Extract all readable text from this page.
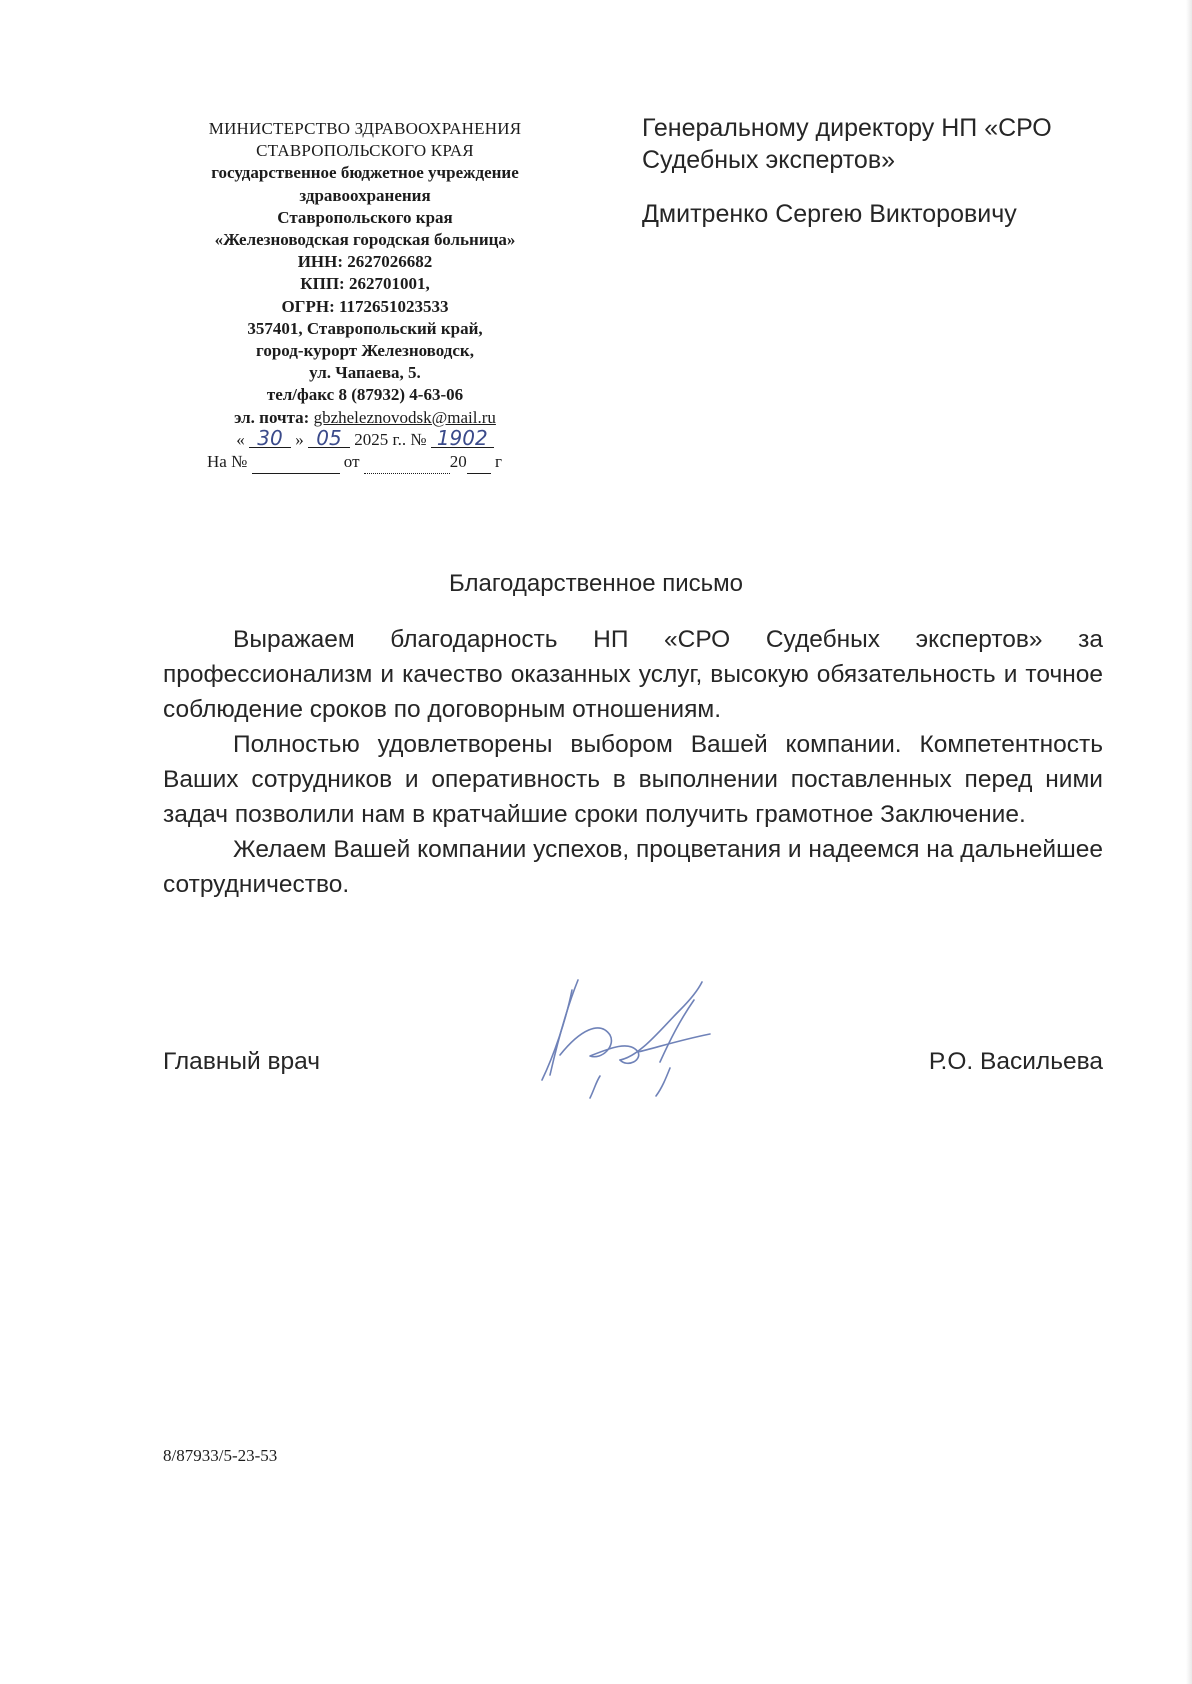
МИНИСТЕРСТВО ЗДРАВООХРАНЕНИЯ
СТАВРОПОЛЬСКОГО КРАЯ
государственное бюджетное учреждение
здравоохранения
Ставропольского края
«Железноводская городская больница»
ИНН: 2627026682
КПП: 262701001,
ОГРН: 1172651023533
357401, Ставропольский край,
город-курорт Железноводск,
ул. Чапаева, 5.
тел/факс 8 (87932) 4-63-06
эл. почта: gbzheleznovodsk@mail.ru
« 30 » 05 2025 г.. № 1902
На №	от	20 г
Генеральному директору НП «СРО
Судебных экспертов»
Дмитренко Сергею Викторовичу
Благодарственное письмо

Выражаем благодарность НП «СРО Судебных экспертов» за профессионализм и качество оказанных услуг, высокую обязательность и точное соблюдение сроков по договорным отношениям.

Полностью удовлетворены выбором Вашей компании. Компетентность Ваших сотрудников и оперативность в выполнении поставленных перед ними задач позволили нам в кратчайшие сроки получить грамотное Заключение.

Желаем Вашей компании успехов, процветания и надеемся на дальнейшее сотрудничество.

Главный врач	Р.О. Васильева
8/87933/5-23-53
